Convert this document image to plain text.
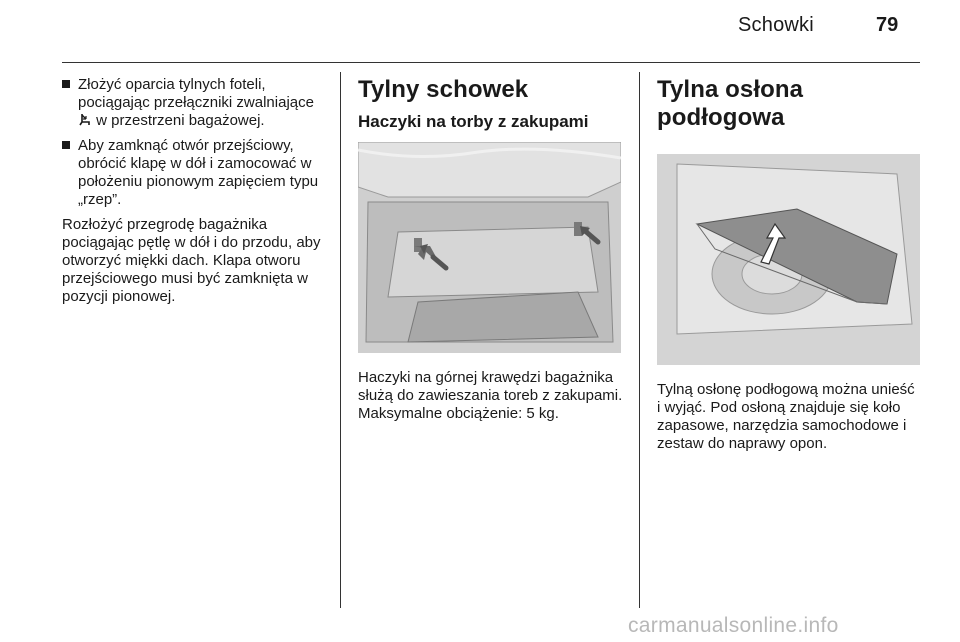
Schowki	79
Złożyć oparcia tylnych foteli, pociągając przełączniki zwalniające  w przestrzeni bagażowej.
Aby zamknąć otwór przejściowy, obrócić klapę w dół i zamocować w położeniu pionowym zapięciem typu „rzep”.

Rozłożyć przegrodę bagażnika pociągając pętlę w dół i do przodu, aby otworzyć miękki dach. Klapa otworu przejściowego musi być zamknięta w pozycji pionowej.

Tylny schowek
Haczyki na torby z zakupami
Haczyki na górnej krawędzi bagażnika służą do zawieszania toreb z zakupami. Maksymalne obciążenie: 5 kg.
Tylna osłona podłogowa
Tylną osłonę podłogową można unieść i wyjąć. Pod osłoną znajduje się koło zapasowe, narzędzia samochodowe i zestaw do naprawy opon.
carmanualsonline.info
